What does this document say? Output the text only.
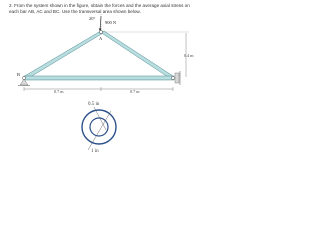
2. From the system shown in the figure, obtain the forces and the average axial stress on each bar AB, AC and BC. Use the transversal area shown below.
20°
900 N
A
B
0.4 m
0.7 m	0.7 m
0.5 in
1 in
